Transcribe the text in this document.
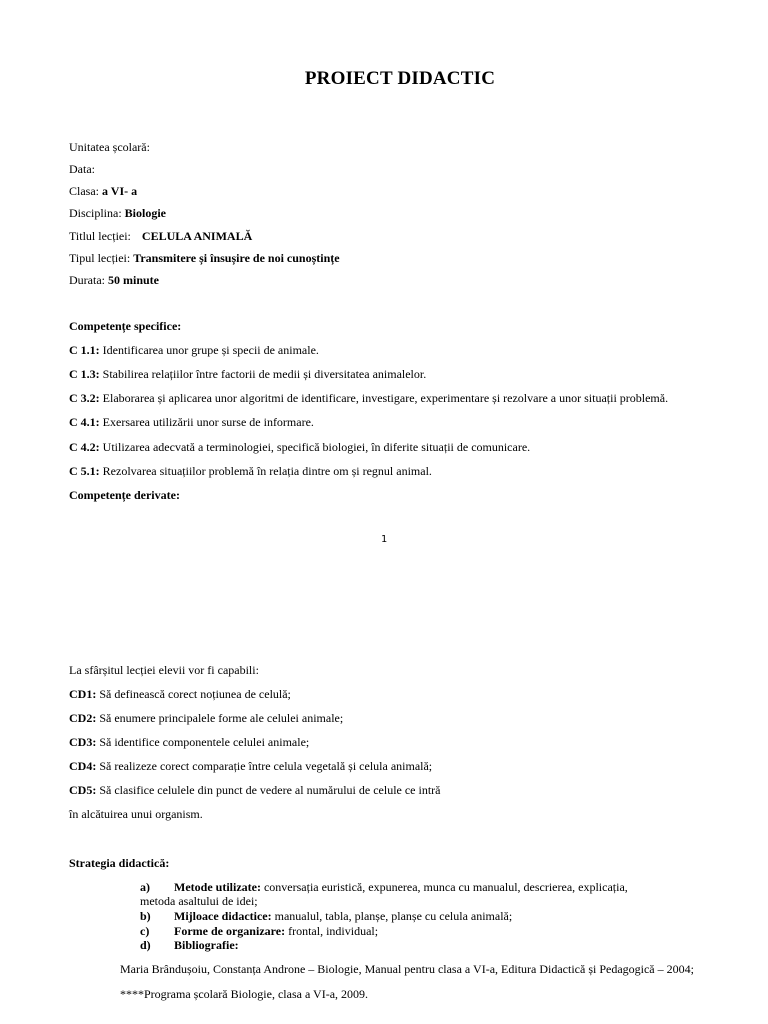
PROIECT DIDACTIC
Unitatea școlară:
Data:
Clasa: a VI- a
Disciplina: Biologie
Titlul lecției: CELULA ANIMALĂ
Tipul lecției: Transmitere și însușire de noi cunoștințe
Durata: 50 minute
Competențe specifice:
C 1.1: Identificarea unor grupe și specii de animale.
C 1.3: Stabilirea relațiilor între factorii de medii și diversitatea animalelor.
C 3.2: Elaborarea și aplicarea unor algoritmi de identificare, investigare, experimentare și rezolvare a unor situații problemă.
C 4.1: Exersarea utilizării unor surse de informare.
C 4.2: Utilizarea adecvată a terminologiei, specifică biologiei, în diferite situații de comunicare.
C 5.1: Rezolvarea situațiilor problemă în relația dintre om și regnul animal.
Competențe derivate:
1
La sfârșitul lecției elevii vor fi capabili:
CD1: Să definească corect noțiunea de celulă;
CD2: Să enumere principalele forme ale celulei animale;
CD3: Să identifice componentele celulei animale;
CD4: Să realizeze corect comparație între celula vegetală și celula animală;
CD5: Să clasifice celulele din punct de vedere al numărului de celule ce intră
în alcătuirea unui organism.
Strategia didactică:
a) Metode utilizate: conversația euristică, expunerea, munca cu manualul, descrierea, explicația,
metoda asaltului de idei;
b) Mijloace didactice: manualul, tabla, planșe, planșe cu celula animală;
c) Forme de organizare: frontal, individual;
d) Bibliografie:
Maria Brândușoiu, Constanța Androne – Biologie, Manual pentru clasa a VI-a, Editura Didactică și Pedagogică – 2004;
****Programa școlară Biologie, clasa a VI-a, 2009.
